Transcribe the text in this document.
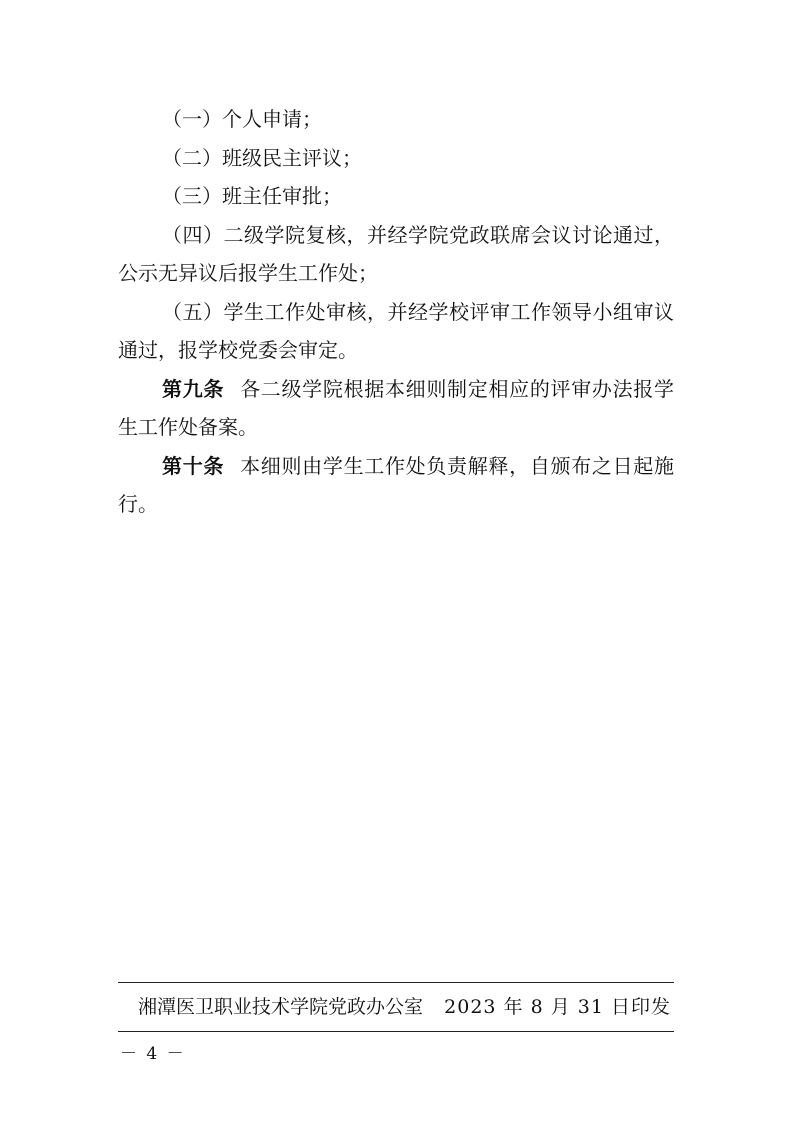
（一）个人申请；

（二）班级民主评议；

（三）班主任审批；

（四）二级学院复核，并经学院党政联席会议讨论通过，公示无异议后报学生工作处；

（五）学生工作处审核，并经学校评审工作领导小组审议通过，报学校党委会审定。

第九条 各二级学院根据本细则制定相应的评审办法报学生工作处备案。

第十条 本细则由学生工作处负责解释，自颁布之日起施行。

湘潭医卫职业技术学院党政办公室 2023 年 8 月 31 日印发
－ 4 －
